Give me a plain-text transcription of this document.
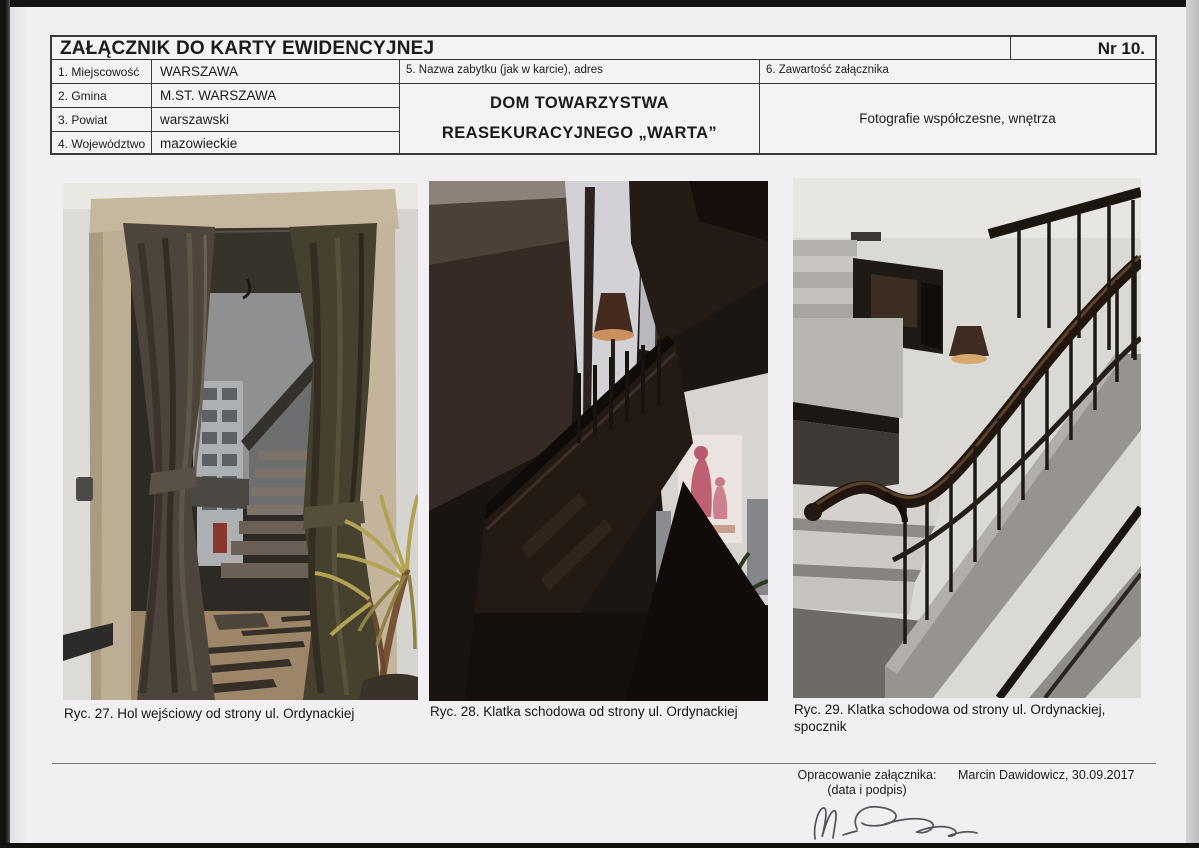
ZAŁĄCZNIK DO KARTY EWIDENCYJNEJ	Nr 10.
1. Miejscowość	WARSZAWA
2. Gmina	M.ST. WARSZAWA
3. Powiat	warszawski
4. Województwo	mazowieckie
5. Nazwa zabytku (jak w karcie), adres
DOM TOWARZYSTWA
REASEKURACYJNEGO „WARTA”
6. Zawartość załącznika
Fotografie współczesne, wnętrza
Ryc. 27. Hol wejściowy od strony ul. Ordynackiej	Ryc. 28. Klatka schodowa od strony ul. Ordynackiej	Ryc. 29. Klatka schodowa od strony ul. Ordynackiej, spocznik
Opracowanie załącznika:
(data i podpis)
Marcin Dawidowicz, 30.09.2017
